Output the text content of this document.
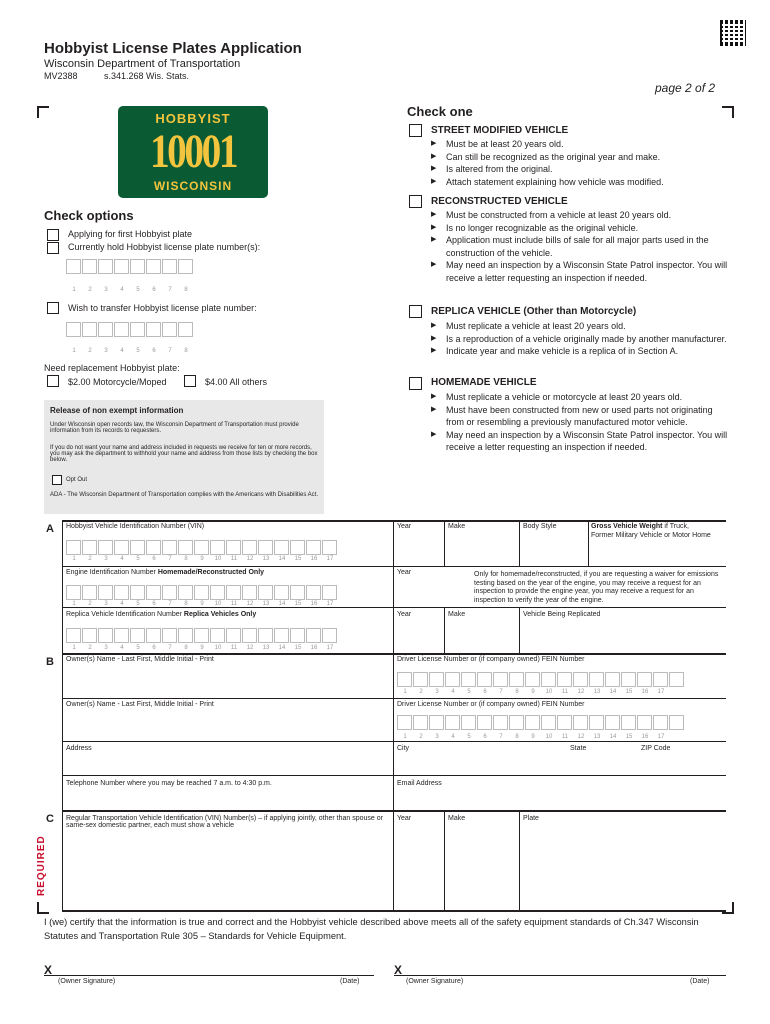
Hobbyist License Plates Application
Wisconsin Department of Transportation
MV2388	s.341.268 Wis. Stats.
page 2 of 2
HOBBYIST
10001
WISCONSIN
Check options
Applying for first Hobbyist plate
Currently hold Hobbyist license plate number(s):
1	2	3	4	5	6	7	8
Wish to transfer Hobbyist license plate number:
1	2	3	4	5	6	7	8
Need replacement Hobbyist plate:
$2.00 Motorcycle/Moped	$4.00 All others
Release of non exempt information
Under Wisconsin open records law, the Wisconsin Department of Transportation must provide information from its records to requesters.
If you do not want your name and address included in requests we receive for ten or more records, you may ask the department to withhold your name and address from those lists by checking the box below.
Opt Out
ADA - The Wisconsin Department of Transportation complies with the Americans with Disabilities Act.
Check one
STREET MODIFIED VEHICLE
▶ Must be at least 20 years old.
▶ Can still be recognized as the original year and make.
▶ Is altered from the original.
▶ Attach statement explaining how vehicle was modified.
RECONSTRUCTED VEHICLE
▶ Must be constructed from a vehicle at least 20 years old.
▶ Is no longer recognizable as the original vehicle.
▶ Application must include bills of sale for all major parts used in the construction of the vehicle.
▶ May need an inspection by a Wisconsin State Patrol inspector. You will receive a letter requesting an inspection if needed.
REPLICA VEHICLE (Other than Motorcycle)
▶ Must replicate a vehicle at least 20 years old.
▶ Is a reproduction of a vehicle originally made by another manufacturer.
▶ Indicate year and make vehicle is a replica of in Section A.
HOMEMADE VEHICLE
▶ Must replicate a vehicle or motorcycle at least 20 years old.
▶ Must have been constructed from new or used parts not originating from or resembling a previously manufactured motor vehicle.
▶ May need an inspection by a Wisconsin State Patrol inspector. You will receive a letter requesting an inspection if needed.
A
B
C
REQUIRED
Hobbyist Vehicle Identification Number (VIN)
1	2	3	4	5	6	7	8	9	10	11	12	13	14	15	16	17
Year	Make	Body Style	Gross Vehicle Weight if Truck,
Former Military Vehicle or Motor Home
Engine Identification Number Homemade/Reconstructed Only
1	2	3	4	5	6	7	8	9	10	11	12	13	14	15	16	17
Year	Only for homemade/reconstructed, if you are requesting a waiver for emissions testing based on the year of the engine, you may receive a request for an inspection to provide the engine year, you may receive a request for an inspection to verify the year of the engine.
Replica Vehicle Identification Number Replica Vehicles Only
1	2	3	4	5	6	7	8	9	10	11	12	13	14	15	16	17
Year	Make	Vehicle Being Replicated
Owner(s) Name - Last First, Middle Initial - Print	Driver License Number or (if company owned) FEIN Number
1	2	3	4	5	6	7	8	9	10	11	12	13	14	15	16	17
Owner(s) Name - Last First, Middle Initial - Print	Driver License Number or (if company owned) FEIN Number
1	2	3	4	5	6	7	8	9	10	11	12	13	14	15	16	17
Address	City	State	ZIP Code
Telephone Number where you may be reached 7 a.m. to 4:30 p.m.	Email Address
Regular Transportation Vehicle Identification (VIN) Number(s) – if applying jointly, other than spouse or same-sex domestic partner, each must show a vehicle
Year	Make	Plate
I (we) certify that the information is true and correct and the Hobbyist vehicle described above meets all of the safety equipment standards of Ch.347 Wisconsin Statutes and Transportation Rule 305 – Standards for Vehicle Equipment.
X
(Owner Signature)	(Date)
X
(Owner Signature)	(Date)
